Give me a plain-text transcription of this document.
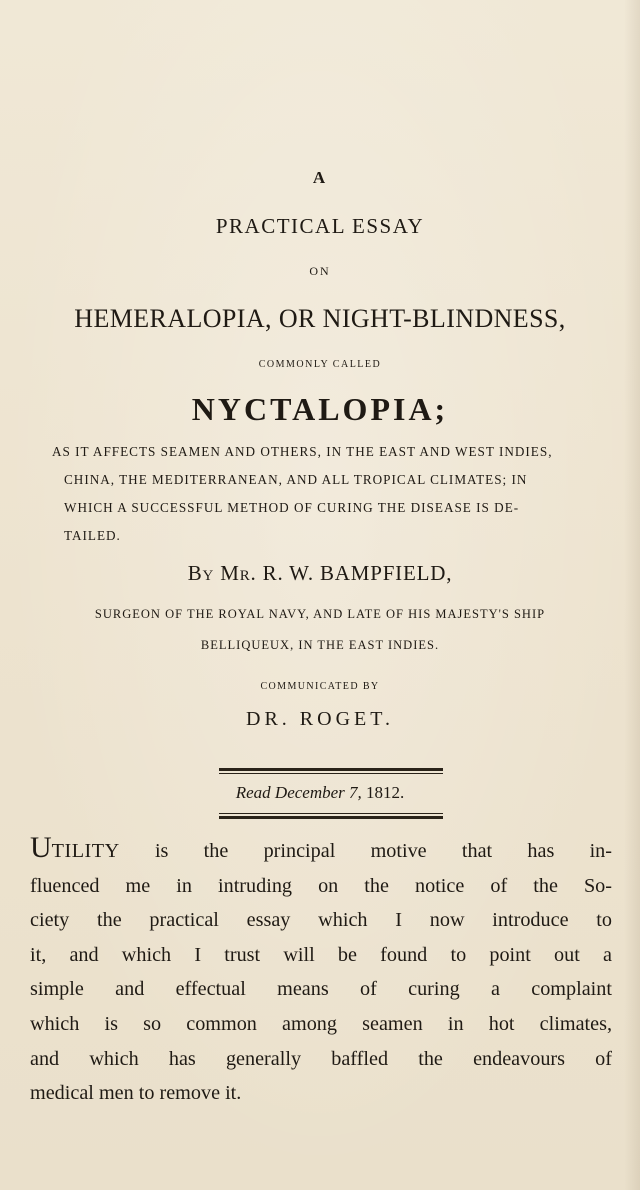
A
PRACTICAL ESSAY
ON
HEMERALOPIA, OR NIGHT-BLINDNESS,
COMMONLY CALLED
NYCTALOPIA;
AS IT AFFECTS SEAMEN AND OTHERS, IN THE EAST AND WEST INDIES,
CHINA, THE MEDITERRANEAN, AND ALL TROPICAL CLIMATES; IN
WHICH A SUCCESSFUL METHOD OF CURING THE DISEASE IS DE-
TAILED.
By Mr. R. W. BAMPFIELD,
SURGEON OF THE ROYAL NAVY, AND LATE OF HIS MAJESTY'S SHIP
BELLIQUEUX, IN THE EAST INDIES.
COMMUNICATED BY
DR. ROGET.
Read December 7, 1812.
UTILITY is the principal motive that has in-
fluenced me in intruding on the notice of the So-
ciety the practical essay which I now introduce to
it, and which I trust will be found to point out a
simple and effectual means of curing a complaint
which is so common among seamen in hot climates,
and which has generally baffled the endeavours of
medical men to remove it.
